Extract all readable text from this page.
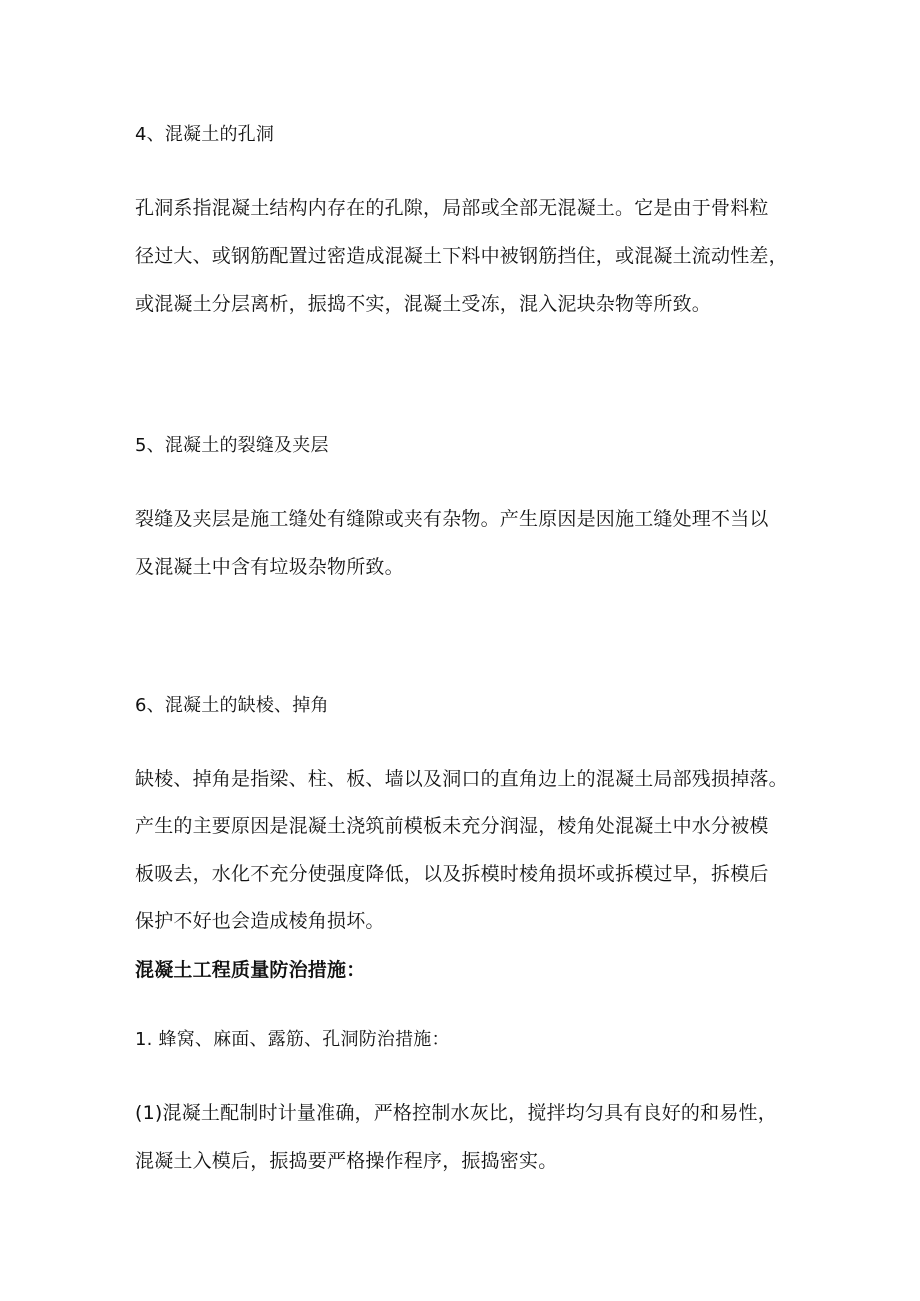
4、混凝土的孔洞
孔洞系指混凝土结构内存在的孔隙，局部或全部无混凝土。它是由于骨料粒
径过大、或钢筋配置过密造成混凝土下料中被钢筋挡住，或混凝土流动性差，
或混凝土分层离析，振捣不实，混凝土受冻，混入泥块杂物等所致。
5、混凝土的裂缝及夹层
裂缝及夹层是施工缝处有缝隙或夹有杂物。产生原因是因施工缝处理不当以
及混凝土中含有垃圾杂物所致。
6、混凝土的缺棱、掉角
缺棱、掉角是指梁、柱、板、墙以及洞口的直角边上的混凝土局部残损掉落。
产生的主要原因是混凝土浇筑前模板未充分润湿，棱角处混凝土中水分被模
板吸去，水化不充分使强度降低，以及拆模时棱角损坏或拆模过早，拆模后
保护不好也会造成棱角损坏。
混凝土工程质量防治措施：
1. 蜂窝、麻面、露筋、孔洞防治措施：
(1)混凝土配制时计量准确，严格控制水灰比，搅拌均匀具有良好的和易性，
混凝土入模后，振捣要严格操作程序，振捣密实。
